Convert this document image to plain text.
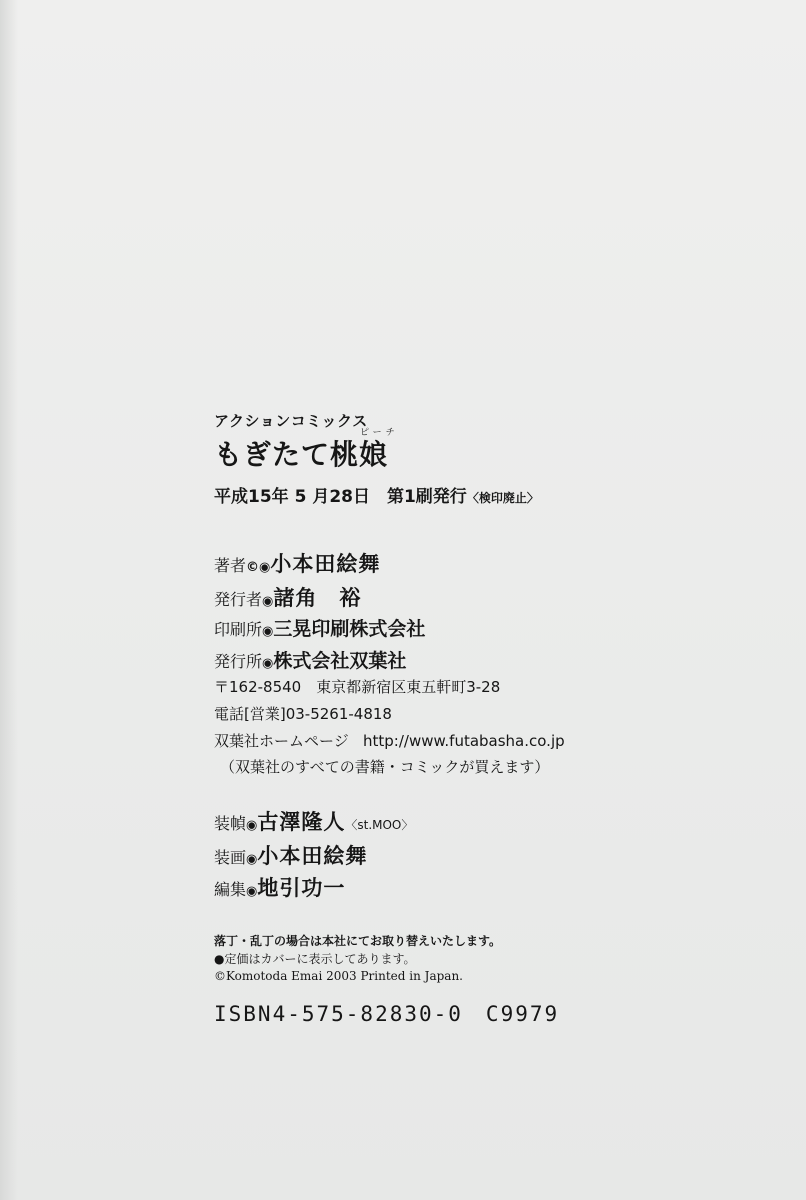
アクションコミックス
ピーチ
もぎたて桃娘
平成15年 5 月28日　第1刷発行〈検印廃止〉
著者©◉小本田絵舞
発行者◉諸角　裕
印刷所◉三晃印刷株式会社
発行所◉株式会社双葉社
〒162-8540　東京都新宿区東五軒町3-28
電話[営業]03-5261-4818
双葉社ホームページ http://www.futabasha.co.jp
（双葉社のすべての書籍・コミックが買えます）
装幀◉古澤隆人〈st.MOO〉
装画◉小本田絵舞
編集◉地引功一
落丁・乱丁の場合は本社にてお取り替えいたします。
●定価はカバーに表示してあります。
©Komotoda Emai 2003 Printed in Japan.
ISBN4-575-82830-0　C9979
